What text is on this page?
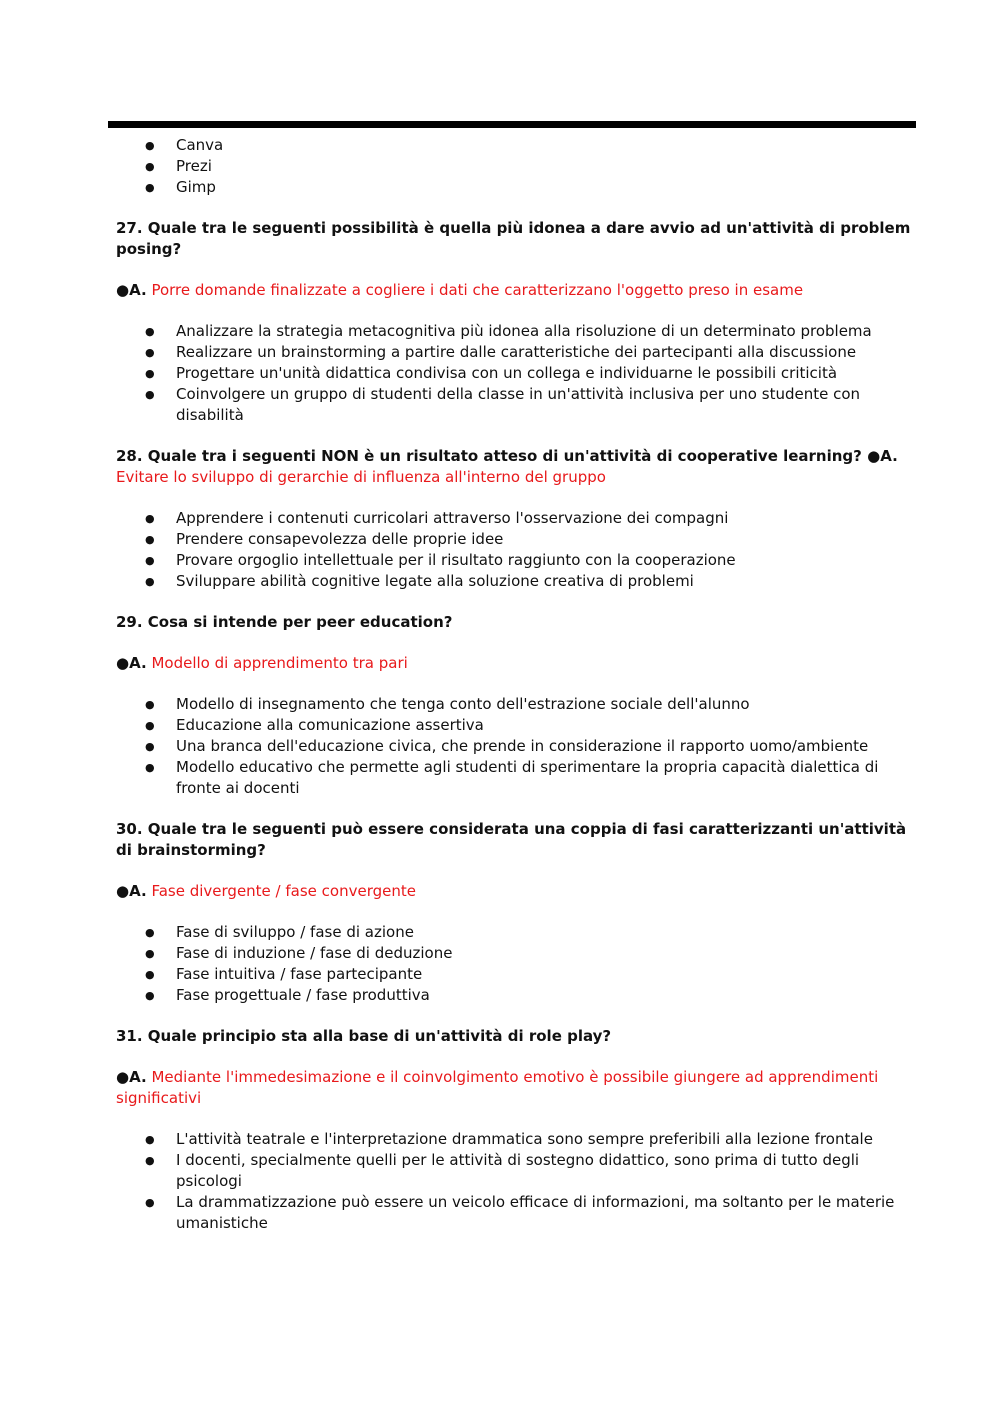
● Canva
● Prezi
● Gimp
27. Quale tra le seguenti possibilità è quella più idonea a dare avvio ad un'attività di problem posing?
●A. Porre domande finalizzate a cogliere i dati che caratterizzano l'oggetto preso in esame
● Analizzare la strategia metacognitiva più idonea alla risoluzione di un determinato problema
● Realizzare un brainstorming a partire dalle caratteristiche dei partecipanti alla discussione
● Progettare un'unità didattica condivisa con un collega e individuarne le possibili criticità
● Coinvolgere un gruppo di studenti della classe in un'attività inclusiva per uno studente con disabilità
28. Quale tra i seguenti NON è un risultato atteso di un'attività di cooperative learning? ●A. Evitare lo sviluppo di gerarchie di influenza all'interno del gruppo
● Apprendere i contenuti curricolari attraverso l'osservazione dei compagni
● Prendere consapevolezza delle proprie idee
● Provare orgoglio intellettuale per il risultato raggiunto con la cooperazione
● Sviluppare abilità cognitive legate alla soluzione creativa di problemi
29. Cosa si intende per peer education?
●A. Modello di apprendimento tra pari
● Modello di insegnamento che tenga conto dell'estrazione sociale dell'alunno
● Educazione alla comunicazione assertiva
● Una branca dell'educazione civica, che prende in considerazione il rapporto uomo/ambiente
● Modello educativo che permette agli studenti di sperimentare la propria capacità dialettica di fronte ai docenti
30. Quale tra le seguenti può essere considerata una coppia di fasi caratterizzanti un'attività di brainstorming?
●A. Fase divergente / fase convergente
● Fase di sviluppo / fase di azione
● Fase di induzione / fase di deduzione
● Fase intuitiva / fase partecipante
● Fase progettuale / fase produttiva
31. Quale principio sta alla base di un'attività di role play?
●A. Mediante l'immedesimazione e il coinvolgimento emotivo è possibile giungere ad apprendimenti significativi
● L'attività teatrale e l'interpretazione drammatica sono sempre preferibili alla lezione frontale
● I docenti, specialmente quelli per le attività di sostegno didattico, sono prima di tutto degli psicologi
● La drammatizzazione può essere un veicolo efficace di informazioni, ma soltanto per le materie umanistiche
